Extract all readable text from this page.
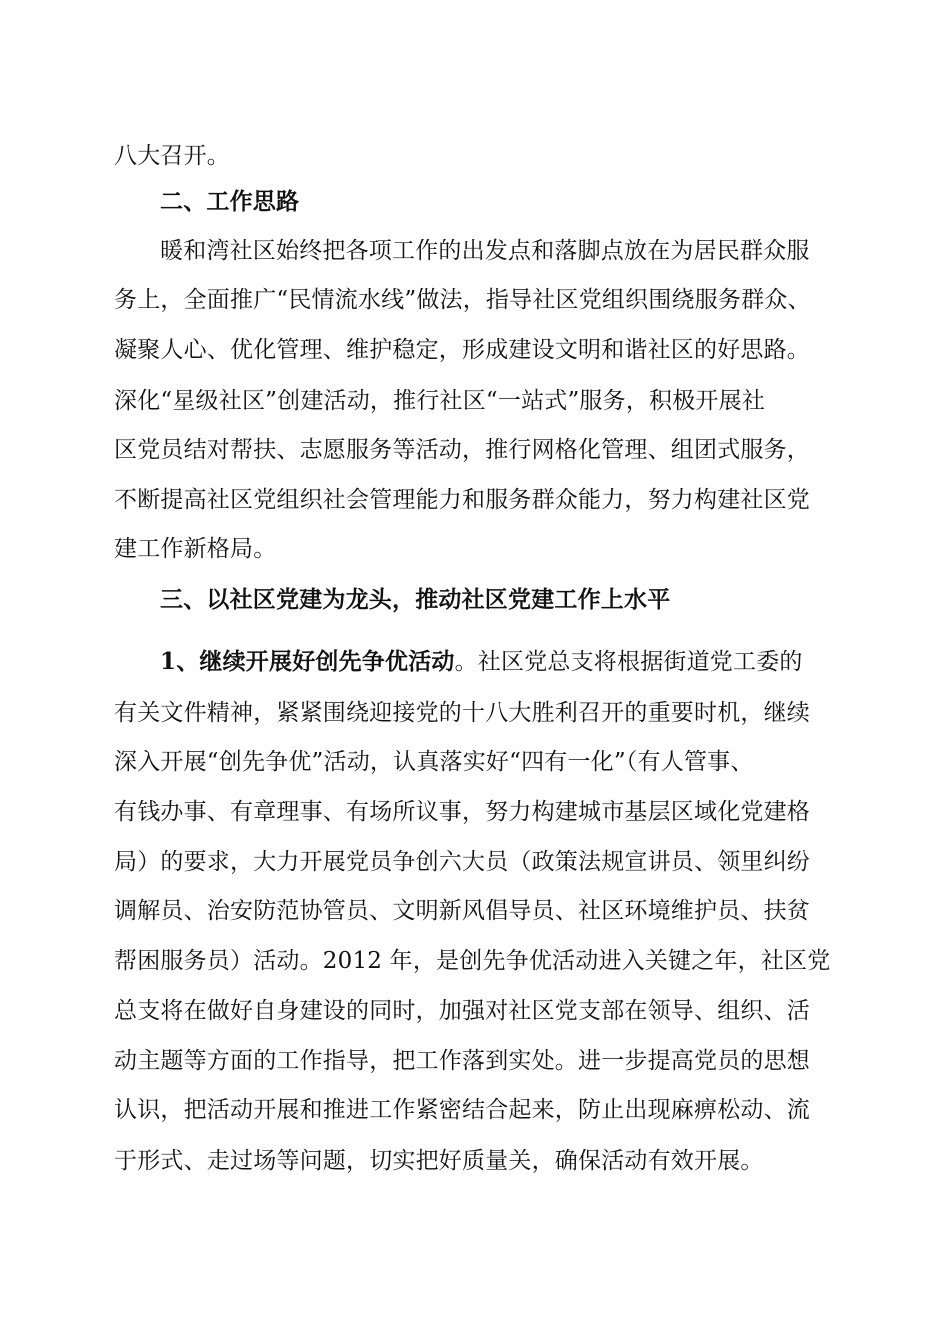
八大召开。
二、工作思路
暖和湾社区始终把各项工作的出发点和落脚点放在为居民群众服
务上，全面推广“民情流水线”做法，指导社区党组织围绕服务群众、
凝聚人心、优化管理、维护稳定，形成建设文明和谐社区的好思路。
深化“星级社区”创建活动，推行社区“一站式”服务，积极开展社
区党员结对帮扶、志愿服务等活动，推行网格化管理、组团式服务，
不断提高社区党组织社会管理能力和服务群众能力，努力构建社区党
建工作新格局。
三、以社区党建为龙头，推动社区党建工作上水平
1、继续开展好创先争优活动。社区党总支将根据街道党工委的
有关文件精神，紧紧围绕迎接党的十八大胜利召开的重要时机，继续
深入开展“创先争优”活动，认真落实好“四有一化”（有人管事、
有钱办事、有章理事、有场所议事，努力构建城市基层区域化党建格
局）的要求，大力开展党员争创六大员（政策法规宣讲员、领里纠纷
调解员、治安防范协管员、文明新风倡导员、社区环境维护员、扶贫
帮困服务员）活动。2012 年，是创先争优活动进入关键之年，社区党
总支将在做好自身建设的同时，加强对社区党支部在领导、组织、活
动主题等方面的工作指导，把工作落到实处。进一步提高党员的思想
认识，把活动开展和推进工作紧密结合起来，防止出现麻痹松动、流
于形式、走过场等问题，切实把好质量关，确保活动有效开展。
